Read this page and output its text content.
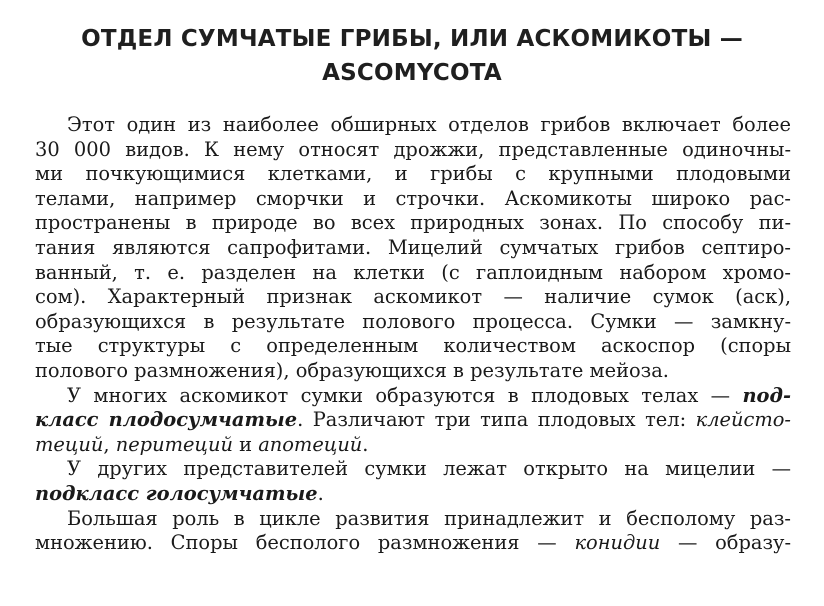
ОТДЕЛ СУМЧАТЫЕ ГРИБЫ, ИЛИ АСКОМИКОТЫ —
ASCOMYCOTA
Этот один из наиболее обширных отделов грибов включает более
30 000 видов. К нему относят дрожжи, представленные одиночны-
ми почкующимися клетками, и грибы с крупными плодовыми
телами, например сморчки и строчки. Аскомикоты широко рас-
пространены в природе во всех природных зонах. По способу пи-
тания являются сапрофитами. Мицелий сумчатых грибов септиро-
ванный, т. е. разделен на клетки (с гаплоидным набором хромо-
сом). Характерный признак аскомикот — наличие сумок (аск),
образующихся в результате полового процесса. Сумки — замкну-
тые структуры с определенным количеством аскоспор (споры
полового размножения), образующихся в результате мейоза.
У многих аскомикот сумки образуются в плодовых телах — под-
класс плодосумчатые. Различают три типа плодовых тел: клейсто-
теций, перитеций и апотеций.
У других представителей сумки лежат открыто на мицелии —
подкласс голосумчатые.
Большая роль в цикле развития принадлежит и бесполому раз-
множению. Споры бесполого размножения — конидии — образу-
